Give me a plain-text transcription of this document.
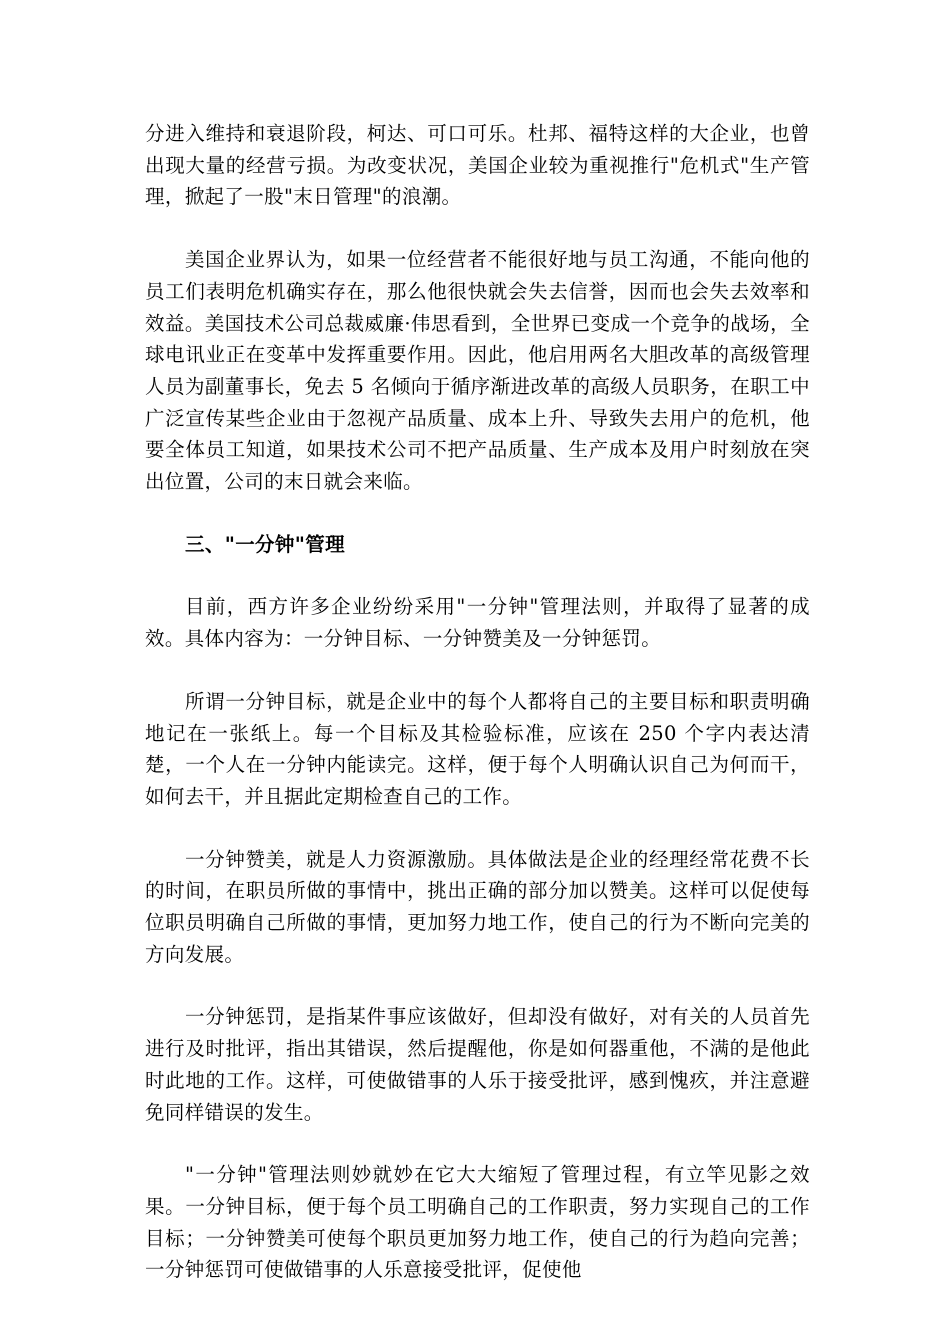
分进入维持和衰退阶段，柯达、可口可乐。杜邦、福特这样的大企业，也曾出现大量的经营亏损。为改变状况，美国企业较为重视推行"危机式"生产管理，掀起了一股"末日管理"的浪潮。

美国企业界认为，如果一位经营者不能很好地与员工沟通，不能向他的员工们表明危机确实存在，那么他很快就会失去信誉，因而也会失去效率和效益。美国技术公司总裁威廉·伟思看到，全世界已变成一个竞争的战场，全球电讯业正在变革中发挥重要作用。因此，他启用两名大胆改革的高级管理人员为副董事长，免去 5 名倾向于循序渐进改革的高级人员职务，在职工中广泛宣传某些企业由于忽视产品质量、成本上升、导致失去用户的危机，他要全体员工知道，如果技术公司不把产品质量、生产成本及用户时刻放在突出位置，公司的末日就会来临。

三、"一分钟"管理

目前，西方许多企业纷纷采用"一分钟"管理法则，并取得了显著的成效。具体内容为：一分钟目标、一分钟赞美及一分钟惩罚。

所谓一分钟目标，就是企业中的每个人都将自己的主要目标和职责明确地记在一张纸上。每一个目标及其检验标准，应该在 250 个字内表达清楚，一个人在一分钟内能读完。这样，便于每个人明确认识自己为何而干，如何去干，并且据此定期检查自己的工作。

一分钟赞美，就是人力资源激励。具体做法是企业的经理经常花费不长的时间，在职员所做的事情中，挑出正确的部分加以赞美。这样可以促使每位职员明确自己所做的事情，更加努力地工作，使自己的行为不断向完美的方向发展。

一分钟惩罚，是指某件事应该做好，但却没有做好，对有关的人员首先进行及时批评，指出其错误，然后提醒他，你是如何器重他，不满的是他此时此地的工作。这样，可使做错事的人乐于接受批评，感到愧疚，并注意避免同样错误的发生。

"一分钟"管理法则妙就妙在它大大缩短了管理过程，有立竿见影之效果。一分钟目标，便于每个员工明确自己的工作职责，努力实现自己的工作目标；一分钟赞美可使每个职员更加努力地工作，使自己的行为趋向完善；一分钟惩罚可使做错事的人乐意接受批评，促使他
